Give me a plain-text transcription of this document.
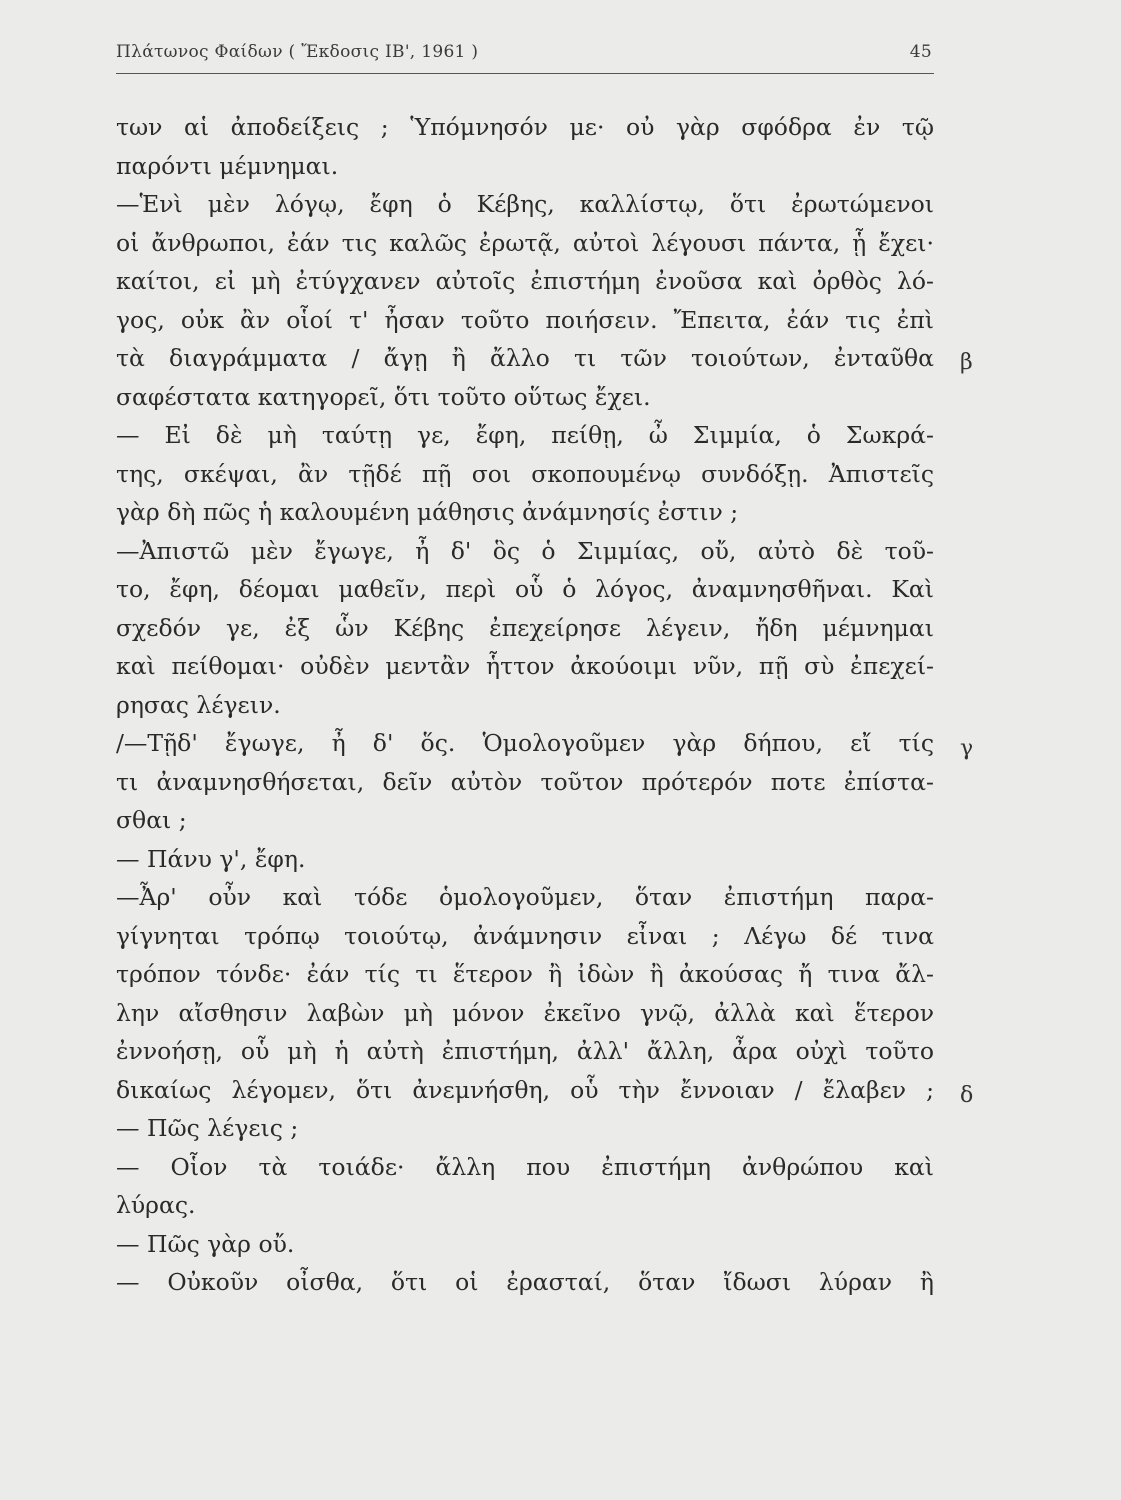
Πλάτωνος Φαίδων ( Ἔκδοσις ΙΒ', 1961 )	45
των αἱ ἀποδείξεις ; Ὑπόμνησόν με· οὐ γὰρ σφόδρα ἐν τῷ
παρόντι μέμνημαι.
—Ἑνὶ μὲν λόγῳ, ἔφη ὁ Κέβης, καλλίστῳ, ὅτι ἐρωτώμενοι
οἱ ἄνθρωποι, ἐάν τις καλῶς ἐρωτᾷ, αὐτοὶ λέγουσι πάντα, ᾗ ἔχει·
καίτοι, εἰ μὴ ἐτύγχανεν αὐτοῖς ἐπιστήμη ἐνοῦσα καὶ ὀρθὸς λό-
γος, οὐκ ἂν οἷοί τ' ἦσαν τοῦτο ποιήσειν. Ἔπειτα, ἐάν τις ἐπὶ
τὰ διαγράμματα / ἄγῃ ἢ ἄλλο τι τῶν τοιούτων, ἐνταῦθα
σαφέστατα κατηγορεῖ, ὅτι τοῦτο οὕτως ἔχει.
— Εἰ δὲ μὴ ταύτῃ γε, ἔφη, πείθῃ, ὦ Σιμμία, ὁ Σωκρά-
της, σκέψαι, ἂν τῇδέ πῇ σοι σκοπουμένῳ συνδόξῃ. Ἀπιστεῖς
γὰρ δὴ πῶς ἡ καλουμένη μάθησις ἀνάμνησίς ἐστιν ;
—Ἀπιστῶ μὲν ἔγωγε, ἦ δ' ὃς ὁ Σιμμίας, οὔ, αὐτὸ δὲ τοῦ-
το, ἔφη, δέομαι μαθεῖν, περὶ οὗ ὁ λόγος, ἀναμνησθῆναι. Καὶ
σχεδόν γε, ἐξ ὧν Κέβης ἐπεχείρησε λέγειν, ἤδη μέμνημαι
καὶ πείθομαι· οὐδὲν μεντἂν ἧττον ἀκούοιμι νῦν, πῇ σὺ ἐπεχεί-
ρησας λέγειν.
/—Τῇδ' ἔγωγε, ἦ δ' ὅς. Ὁμολογοῦμεν γὰρ δήπου, εἴ τίς
τι ἀναμνησθήσεται, δεῖν αὐτὸν τοῦτον πρότερόν ποτε ἐπίστα-
σθαι ;
— Πάνυ γ', ἔφη.
—Ἆρ' οὖν καὶ τόδε ὁμολογοῦμεν, ὅταν ἐπιστήμη παρα-
γίγνηται τρόπῳ τοιούτῳ, ἀνάμνησιν εἶναι ; Λέγω δέ τινα
τρόπον τόνδε· ἐάν τίς τι ἕτερον ἢ ἰδὼν ἢ ἀκούσας ἤ τινα ἄλ-
λην αἴσθησιν λαβὼν μὴ μόνον ἐκεῖνο γνῷ, ἀλλὰ καὶ ἕτερον
ἐννοήσῃ, οὗ μὴ ἡ αὐτὴ ἐπιστήμη, ἀλλ' ἄλλη, ἆρα οὐχὶ τοῦτο
δικαίως λέγομεν, ὅτι ἀνεμνήσθη, οὗ τὴν ἔννοιαν / ἔλαβεν ;
— Πῶς λέγεις ;
— Οἷον τὰ τοιάδε· ἄλλη που ἐπιστήμη ἀνθρώπου καὶ
λύρας.
— Πῶς γὰρ οὔ.
— Οὐκοῦν οἶσθα, ὅτι οἱ ἐρασταί, ὅταν ἴδωσι λύραν ἢ
β
γ
δ
